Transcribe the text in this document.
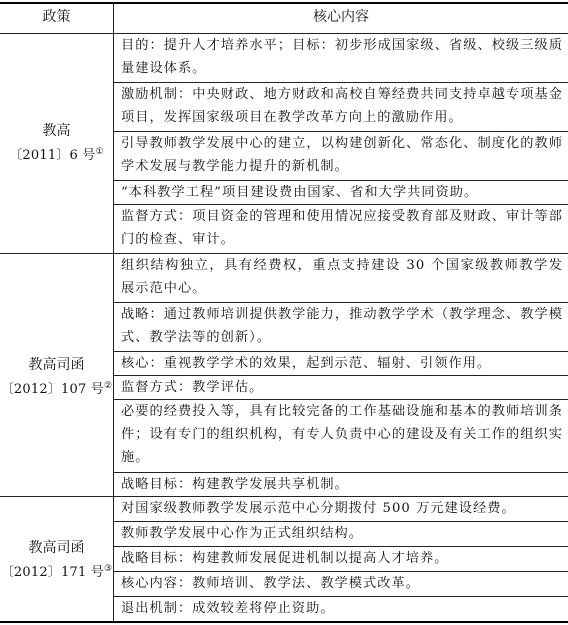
政策	核心内容
教高
〔2011〕6 号①
目的：提升人才培养水平；目标：初步形成国家级、省级、校级三级质量建设体系。
激励机制：中央财政、地方财政和高校自筹经费共同支持卓越专项基金项目，发挥国家级项目在教学改革方向上的激励作用。
引导教师教学发展中心的建立，以构建创新化、常态化、制度化的教师学术发展与教学能力提升的新机制。
“本科教学工程”项目建设费由国家、省和大学共同资助。
监督方式：项目资金的管理和使用情况应接受教育部及财政、审计等部门的检查、审计。
教高司函
〔2012〕107 号②
组织结构独立，具有经费权，重点支持建设 30 个国家级教师教学发展示范中心。
战略：通过教师培训提供教学能力，推动教学学术（教学理念、教学模式、教学法等的创新）。
核心：重视教学学术的效果，起到示范、辐射、引领作用。
监督方式：教学评估。
必要的经费投入等，具有比较完备的工作基础设施和基本的教师培训条件；设有专门的组织机构，有专人负责中心的建设及有关工作的组织实施。
战略目标：构建教学发展共享机制。
教高司函
〔2012〕171 号③
对国家级教师教学发展示范中心分期拨付 500 万元建设经费。
教师教学发展中心作为正式组织结构。
战略目标：构建教师发展促进机制以提高人才培养。
核心内容：教师培训、教学法、教学模式改革。
退出机制：成效较差将停止资助。
